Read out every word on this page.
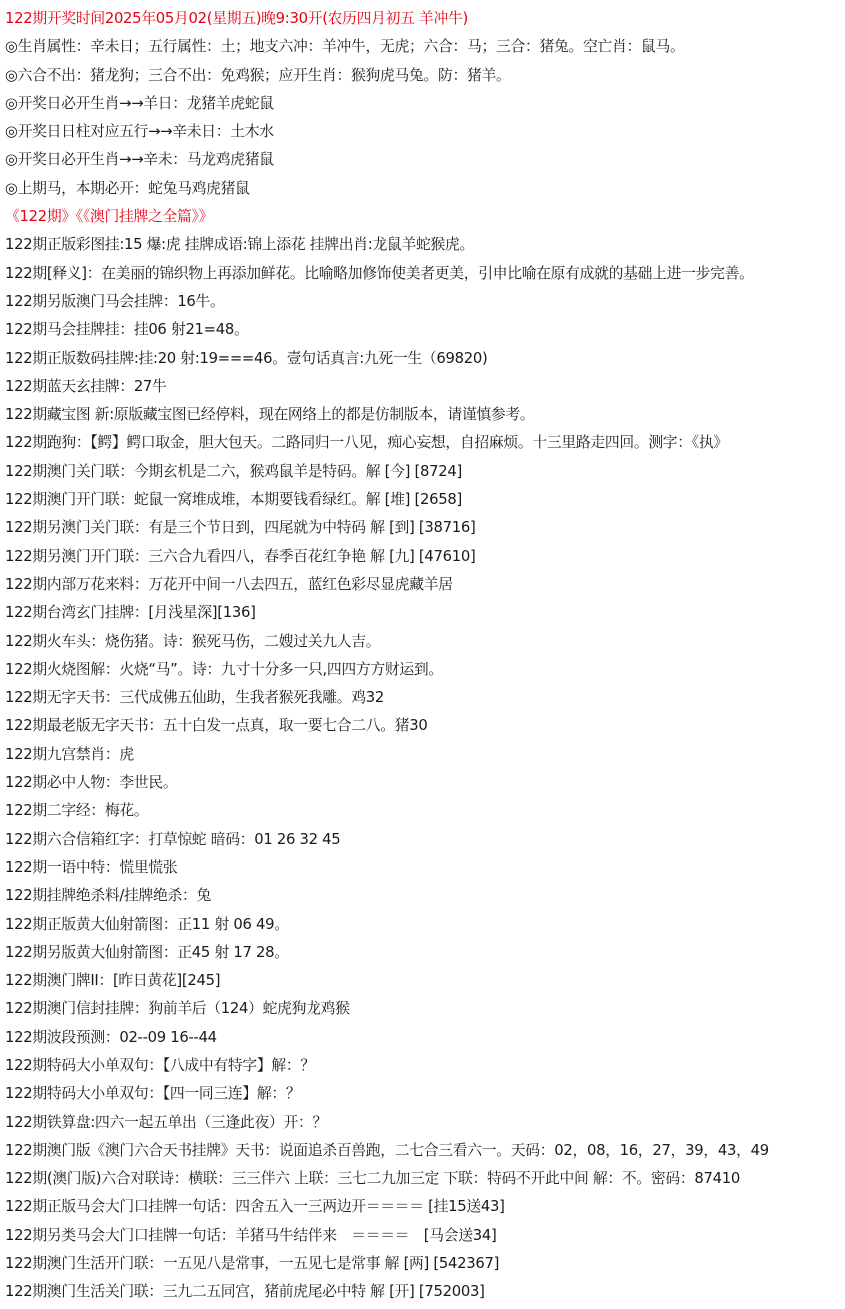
122期开奖时间2025年05月02(星期五)晚9:30开(农历四月初五 羊冲牛)
◎生肖属性：辛未日；五行属性：土；地支六冲：羊冲牛，无虎；六合：马；三合：猪兔。空亡肖：鼠马。
◎六合不出：猪龙狗；三合不出：免鸡猴；应开生肖：猴狗虎马兔。防：猪羊。
◎开奖日必开生肖→→羊日：龙猪羊虎蛇鼠
◎开奖日日柱对应五行→→辛未日：土木水
◎开奖日必开生肖→→辛未：马龙鸡虎猪鼠
◎上期马，本期必开：蛇兔马鸡虎猪鼠
《122期》《《澳门挂牌之全篇》》
122期正版彩图挂:15 爆:虎 挂牌成语:锦上添花 挂牌出肖:龙鼠羊蛇猴虎。
122期[释义]：在美丽的锦织物上再添加鲜花。比喻略加修饰使美者更美，引申比喻在原有成就的基础上进一步完善。
122期另版澳门马会挂牌：16牛。
122期马会挂牌挂：挂06 射21=48。
122期正版数码挂牌:挂:20 射:19===46。壹句话真言:九死一生（69820)
122期蓝天玄挂牌：27牛
122期藏宝图 新:原版藏宝图已经停料，现在网络上的都是仿制版本，请谨慎参考。
122期跑狗：【鳄】鳄口取金，胆大包天。二路同归一八见，痴心妄想，自招麻烦。十三里路走四回。测字：《执》
122期澳门关门联：今期玄机是二六，猴鸡鼠羊是特码。解 [今] [8724]
122期澳门开门联：蛇鼠一窝堆成堆，本期要钱看绿红。解 [堆] [2658]
122期另澳门关门联：有是三个节日到，四尾就为中特码 解 [到] [38716]
122期另澳门开门联：三六合九看四八，春季百花红争艳 解 [九] [47610]
122期内部万花来料：万花开中间一八去四五，蓝红色彩尽显虎藏羊居
122期台湾玄门挂牌：[月浅星深][136]
122期火车头：烧伤猪。诗：猴死马伤，二嫂过关九人吉。
122期火烧图解：火烧“马”。诗：九寸十分多一只,四四方方财运到。
122期无字天书：三代成佛五仙助，生我者猴死我雕。鸡32
122期最老版无字天书：五十白发一点真，取一要七合二八。猪30
122期九宫禁肖：虎
122期必中人物：李世民。
122期二字经：梅花。
122期六合信箱红字：打草惊蛇 暗码：01 26 32 45
122期一语中特：慌里慌张
122期挂牌绝杀料/挂牌绝杀：兔
122期正版黄大仙射箭图：正11 射 06 49。
122期另版黄大仙射箭图：正45 射 17 28。
122期澳门牌II：[昨日黄花][245]
122期澳门信封挂牌：狗前羊后（124）蛇虎狗龙鸡猴
122期波段预测：02--09 16--44
122期特码大小单双句：【八成中有特字】解：？
122期特码大小单双句：【四一同三连】解：？
122期铁算盘:四六一起五单出（三逢此夜）开：？
122期澳门版《澳门六合天书挂牌》天书：说面追杀百兽跑，二七合三看六一。天码：02，08，16，27，39，43，49
122期(澳门版)六合对联诗：横联：三三伴六 上联：三七二九加三定 下联：特码不开此中间 解：不。密码：87410
122期正版马会大门口挂牌一句话：四舍五入一三两边开＝＝＝＝ [挂15送43]
122期另类马会大门口挂牌一句话：羊猪马牛结伴来　＝＝＝＝　[马会送34]
122期澳门生活开门联：一五见八是常事，一五见七是常事 解 [两] [542367]
122期澳门生活关门联：三九二五同宫，猪前虎尾必中特 解 [开] [752003]
